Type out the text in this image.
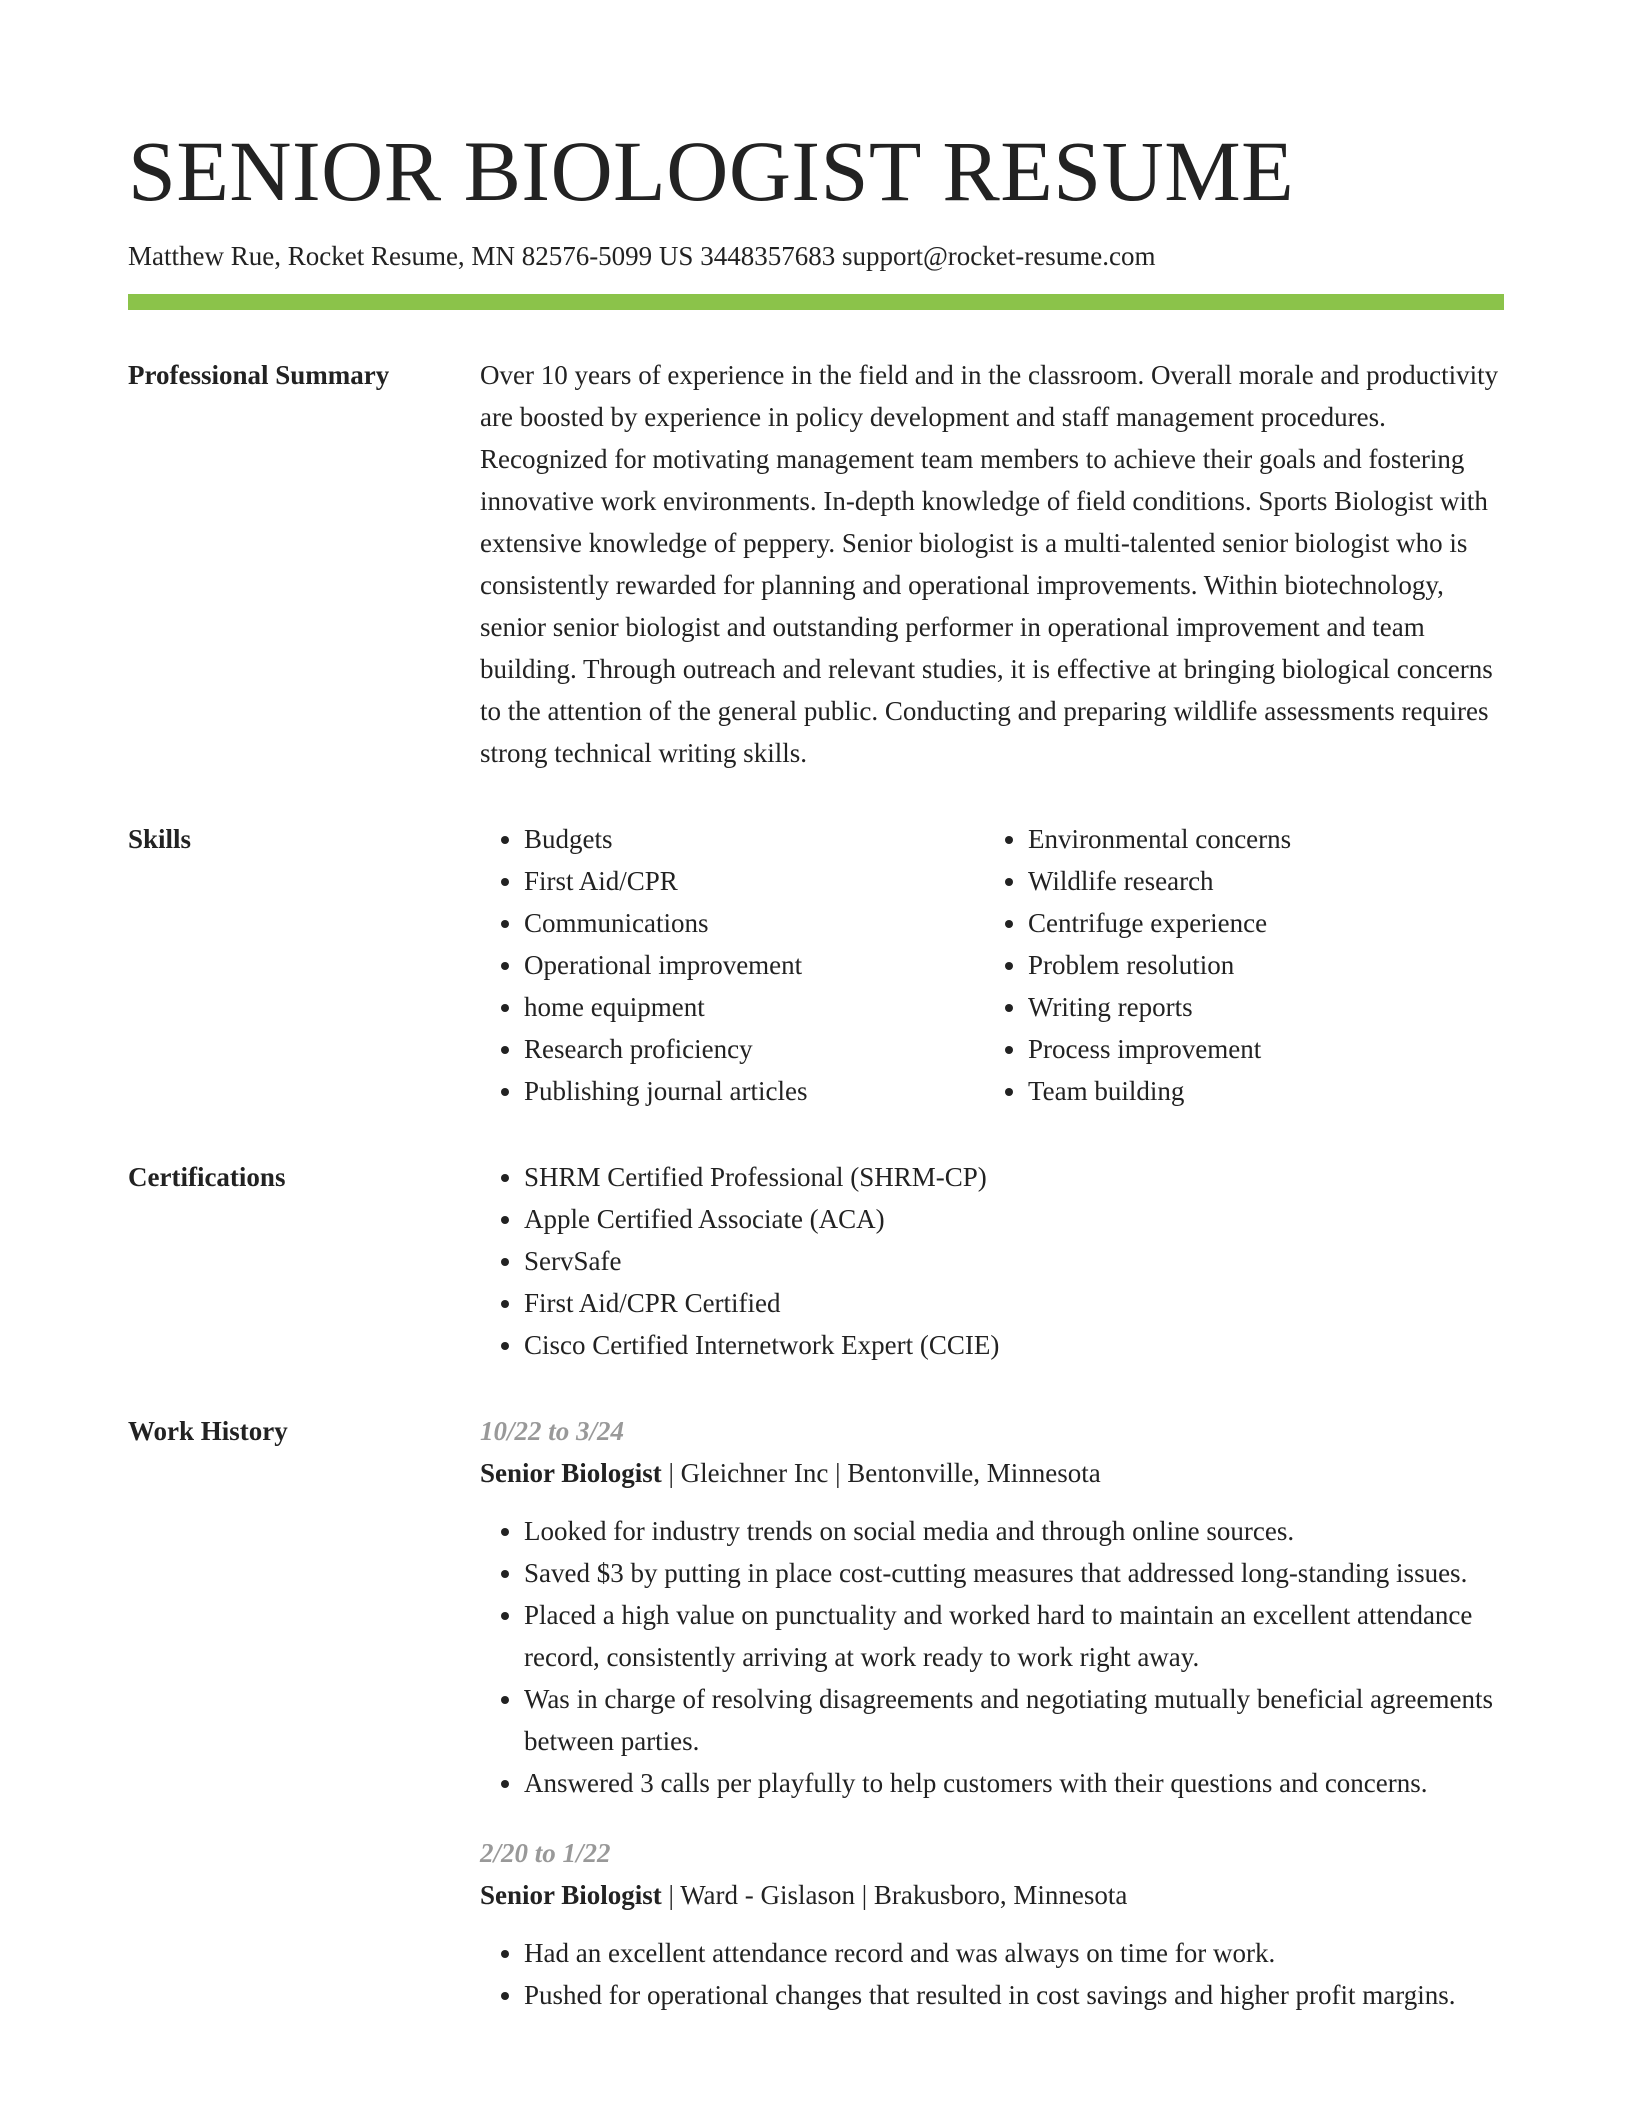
SENIOR BIOLOGIST RESUME
Matthew Rue, Rocket Resume, MN 82576-5099 US 3448357683 support@rocket-resume.com
Professional Summary	Over 10 years of experience in the field and in the classroom. Overall morale and productivity are boosted by experience in policy development and staff management procedures. Recognized for motivating management team members to achieve their goals and fostering innovative work environments. In-depth knowledge of field conditions. Sports Biologist with extensive knowledge of peppery. Senior biologist is a multi-talented senior biologist who is consistently rewarded for planning and operational improvements. Within biotechnology, senior senior biologist and outstanding performer in operational improvement and team building. Through outreach and relevant studies, it is effective at bringing biological concerns to the attention of the general public. Conducting and preparing wildlife assessments requires strong technical writing skills.

Skills	• Budgets
• First Aid/CPR
• Communications
• Operational improvement
• home equipment
• Research proficiency
• Publishing journal articles
• Environmental concerns
• Wildlife research
• Centrifuge experience
• Problem resolution
• Writing reports
• Process improvement
• Team building
Certifications	• SHRM Certified Professional (SHRM-CP)
• Apple Certified Associate (ACA)
• ServSafe
• First Aid/CPR Certified
• Cisco Certified Internetwork Expert (CCIE)
Work History	10/22 to 3/24
Senior Biologist | Gleichner Inc | Bentonville, Minnesota
• Looked for industry trends on social media and through online sources.
• Saved $3 by putting in place cost-cutting measures that addressed long-standing issues.
• Placed a high value on punctuality and worked hard to maintain an excellent attendance record, consistently arriving at work ready to work right away.
• Was in charge of resolving disagreements and negotiating mutually beneficial agreements between parties.
• Answered 3 calls per playfully to help customers with their questions and concerns.
2/20 to 1/22
Senior Biologist | Ward - Gislason | Brakusboro, Minnesota
• Had an excellent attendance record and was always on time for work.
• Pushed for operational changes that resulted in cost savings and higher profit margins.
